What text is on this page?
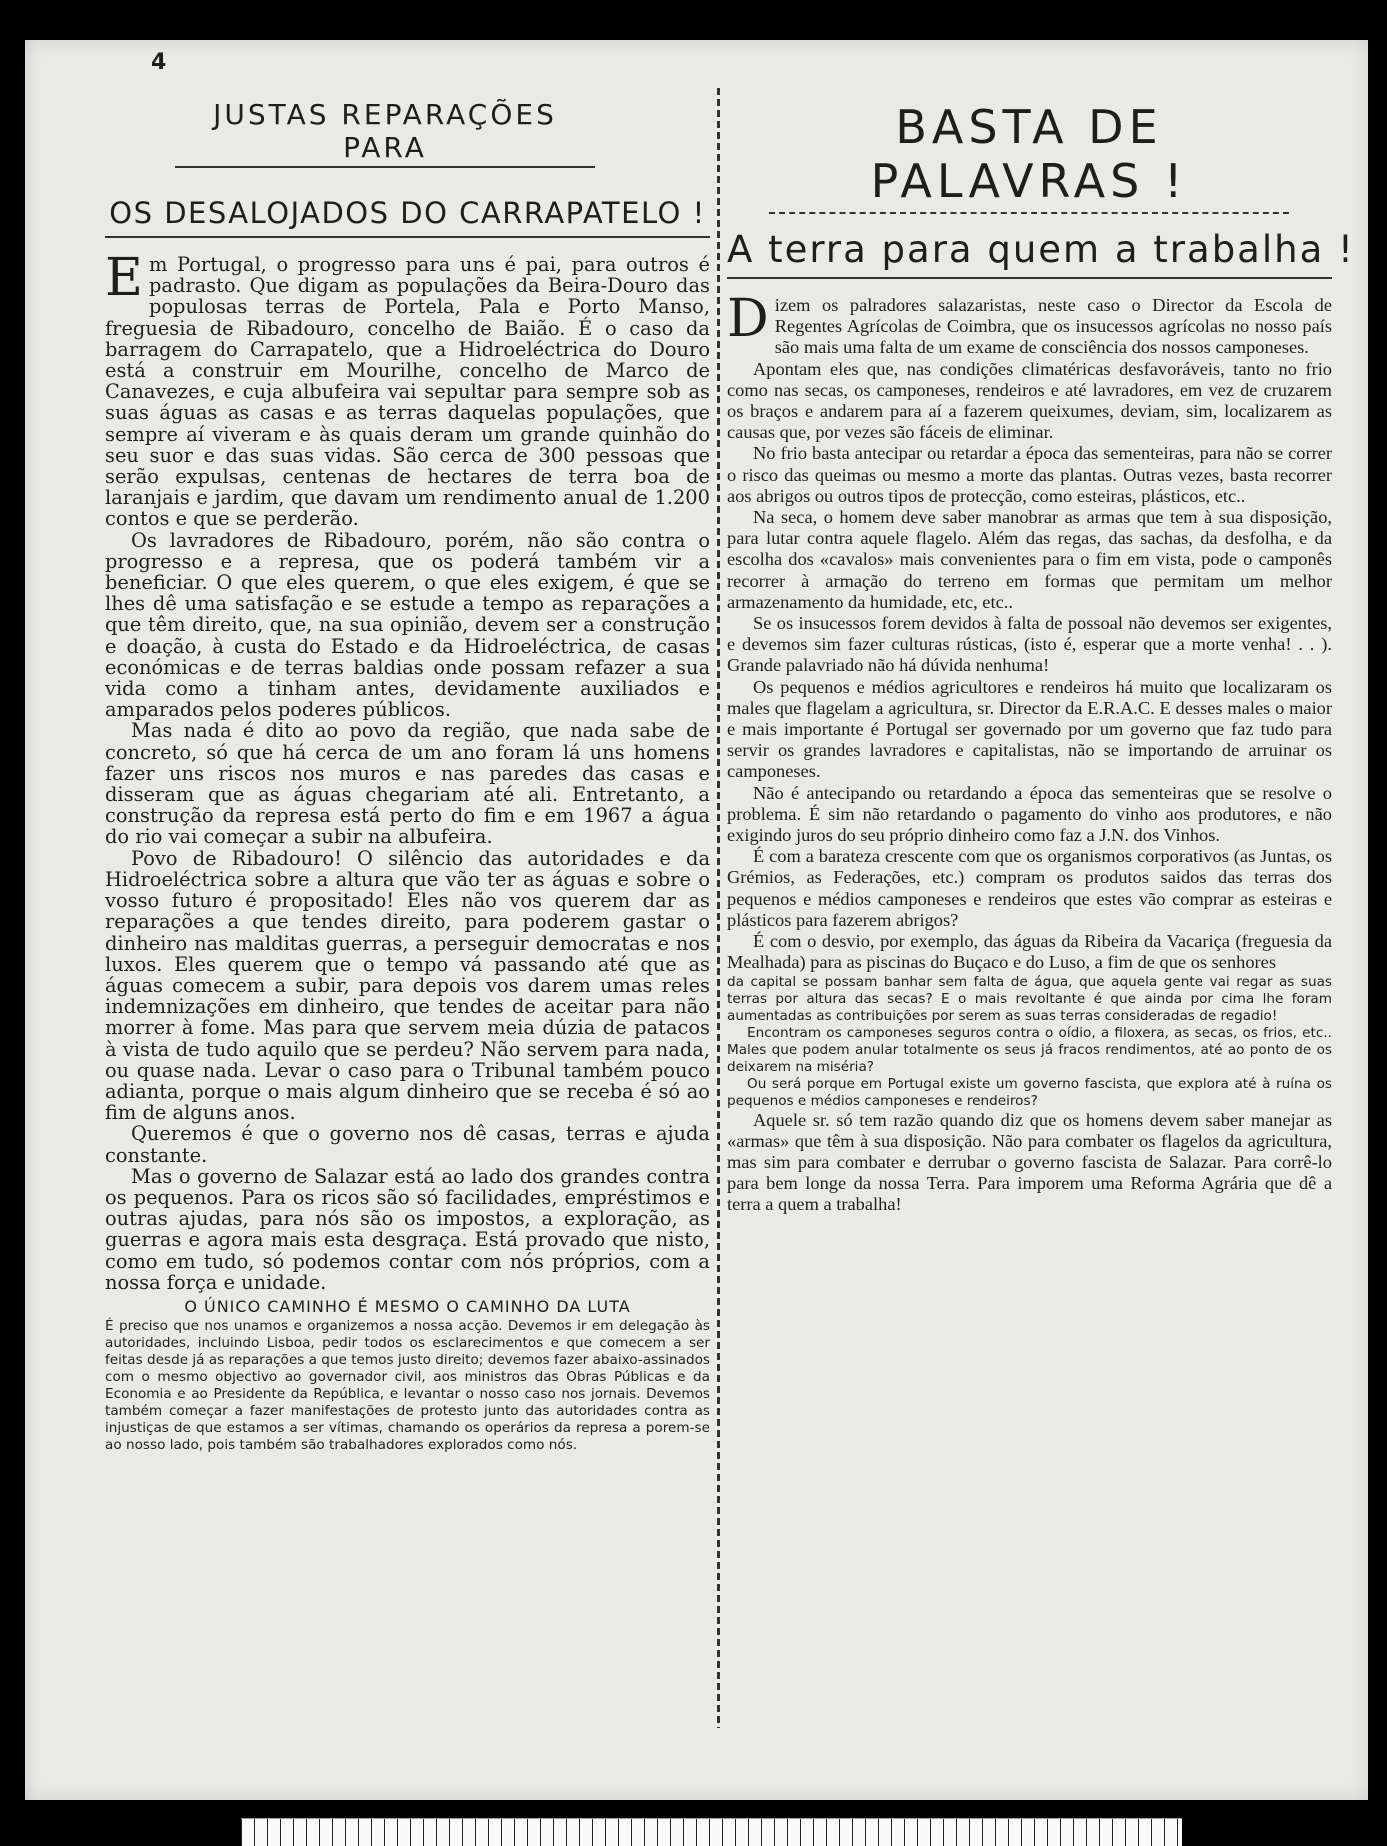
4
JUSTAS REPARAÇÕES PARA
OS DESALOJADOS DO CARRAPATELO !

Em Portugal, o progresso para uns é pai, para outros é padrasto. Que digam as populações da Beira-Douro das populosas terras de Portela, Pala e Porto Manso, freguesia de Ribadouro, concelho de Baião. É o caso da barragem do Carrapatelo, que a Hidroeléctrica do Douro está a construir em Mourilhe, concelho de Marco de Canavezes, e cuja albufeira vai sepultar para sempre sob as suas águas as casas e as terras daquelas populações, que sempre aí viveram e às quais deram um grande quinhão do seu suor e das suas vidas. São cerca de 300 pessoas que serão expulsas, centenas de hectares de terra boa de laranjais e jardim, que davam um rendimento anual de 1.200 contos e que se perderão.

Os lavradores de Ribadouro, porém, não são contra o progresso e a represa, que os poderá também vir a beneficiar. O que eles querem, o que eles exigem, é que se lhes dê uma satisfação e se estude a tempo as reparações a que têm direito, que, na sua opinião, devem ser a construção e doação, à custa do Estado e da Hidroeléctrica, de casas económicas e de terras baldias onde possam refazer a sua vida como a tinham antes, devidamente auxiliados e amparados pelos poderes públicos.

Mas nada é dito ao povo da região, que nada sabe de concreto, só que há cerca de um ano foram lá uns homens fazer uns riscos nos muros e nas paredes das casas e disseram que as águas chegariam até ali. Entretanto, a construção da represa está perto do fim e em 1967 a água do rio vai começar a subir na albufeira.

Povo de Ribadouro! O silêncio das autoridades e da Hidroeléctrica sobre a altura que vão ter as águas e sobre o vosso futuro é propositado! Eles não vos querem dar as reparações a que tendes direito, para poderem gastar o dinheiro nas malditas guerras, a perseguir democratas e nos luxos. Eles querem que o tempo vá passando até que as águas comecem a subir, para depois vos darem umas reles indemnizações em dinheiro, que tendes de aceitar para não morrer à fome. Mas para que servem meia dúzia de patacos à vista de tudo aquilo que se perdeu? Não servem para nada, ou quase nada. Levar o caso para o Tribunal também pouco adianta, porque o mais algum dinheiro que se receba é só ao fim de alguns anos.

Queremos é que o governo nos dê casas, terras e ajuda constante.

Mas o governo de Salazar está ao lado dos grandes contra os pequenos. Para os ricos são só facilidades, empréstimos e outras ajudas, para nós são os impostos, a exploração, as guerras e agora mais esta desgraça. Está provado que nisto, como em tudo, só podemos contar com nós próprios, com a nossa força e unidade.

O ÚNICO CAMINHO É MESMO O CAMINHO DA LUTA

É preciso que nos unamos e organizemos a nossa acção. Devemos ir em delegação às autoridades, incluindo Lisboa, pedir todos os esclarecimentos e que comecem a ser feitas desde já as reparações a que temos justo direito; devemos fazer abaixo-assinados com o mesmo objectivo ao governador civil, aos ministros das Obras Públicas e da Economia e ao Presidente da República, e levantar o nosso caso nos jornais. Devemos também começar a fazer manifestações de protesto junto das autoridades contra as injustiças de que estamos a ser vítimas, chamando os operários da represa a porem-se ao nosso lado, pois também são trabalhadores explorados como nós.

BASTA DE PALAVRAS !
A terra para quem a trabalha !

Dizem os palradores salazaristas, neste caso o Director da Escola de Regentes Agrícolas de Coimbra, que os insucessos agrícolas no nosso país são mais uma falta de um exame de consciência dos nossos camponeses.

Apontam eles que, nas condições climatéricas desfavoráveis, tanto no frio como nas secas, os camponeses, rendeiros e até lavradores, em vez de cruzarem os braços e andarem para aí a fazerem queixumes, deviam, sim, localizarem as causas que, por vezes são fáceis de eliminar.

No frio basta antecipar ou retardar a época das sementeiras, para não se correr o risco das queimas ou mesmo a morte das plantas. Outras vezes, basta recorrer aos abrigos ou outros tipos de protecção, como esteiras, plásticos, etc..

Na seca, o homem deve saber manobrar as armas que tem à sua disposição, para lutar contra aquele flagelo. Além das regas, das sachas, da desfolha, e da escolha dos «cavalos» mais convenientes para o fim em vista, pode o camponês recorrer à armação do terreno em formas que permitam um melhor armazenamento da humidade, etc, etc..

Se os insucessos forem devidos à falta de possoal não devemos ser exigentes, e devemos sim fazer culturas rústicas, (isto é, esperar que a morte venha! . . ). Grande palavriado não há dúvida nenhuma!

Os pequenos e médios agricultores e rendeiros há muito que localizaram os males que flagelam a agricultura, sr. Director da E.R.A.C. E desses males o maior e mais importante é Portugal ser governado por um governo que faz tudo para servir os grandes lavradores e capitalistas, não se importando de arruinar os camponeses.

Não é antecipando ou retardando a época das sementeiras que se resolve o problema. É sim não retardando o pagamento do vinho aos produtores, e não exigindo juros do seu próprio dinheiro como faz a J.N. dos Vinhos.

É com a barateza crescente com que os organismos corporativos (as Juntas, os Grémios, as Federações, etc.) compram os produtos saidos das terras dos pequenos e médios camponeses e rendeiros que estes vão comprar as esteiras e plásticos para fazerem abrigos?

É com o desvio, por exemplo, das águas da Ribeira da Vacariça (freguesia da Mealhada) para as piscinas do Buçaco e do Luso, a fim de que os senhores

da capital se possam banhar sem falta de água, que aquela gente vai regar as suas terras por altura das secas? E o mais revoltante é que ainda por cima lhe foram aumentadas as contribuições por serem as suas terras consideradas de regadio!

Encontram os camponeses seguros contra o oídio, a filoxera, as secas, os frios, etc.. Males que podem anular totalmente os seus já fracos rendimentos, até ao ponto de os deixarem na miséria?

Ou será porque em Portugal existe um governo fascista, que explora até à ruína os pequenos e médios camponeses e rendeiros?

Aquele sr. só tem razão quando diz que os homens devem saber manejar as «armas» que têm à sua disposição. Não para combater os flagelos da agricultura, mas sim para combater e derrubar o governo fascista de Salazar. Para corrê-lo para bem longe da nossa Terra. Para imporem uma Reforma Agrária que dê a terra a quem a trabalha!
